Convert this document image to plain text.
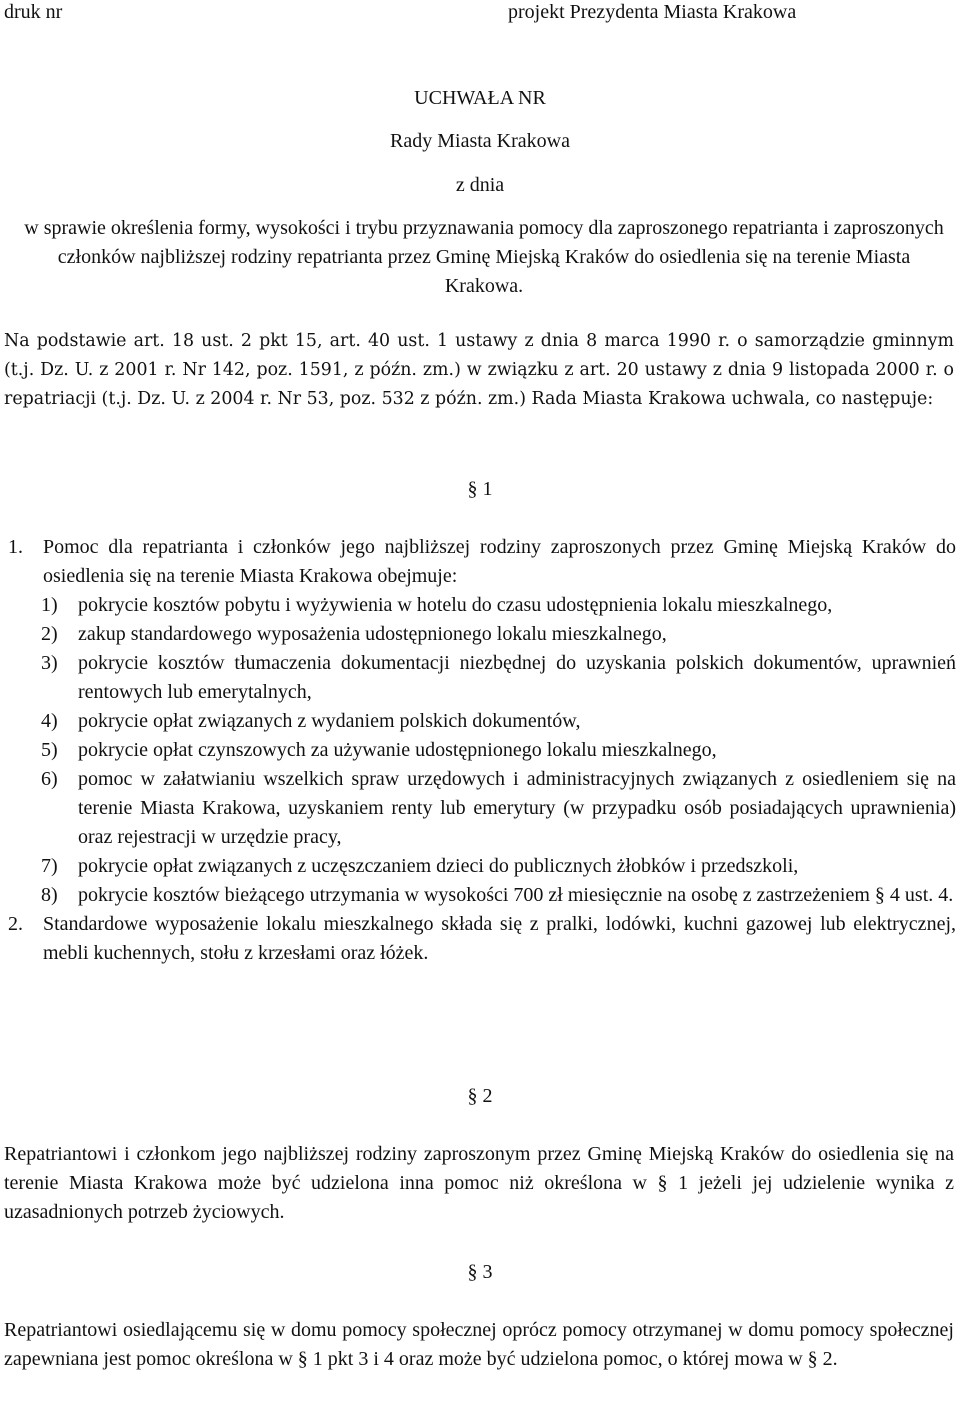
druk nr	projekt Prezydenta Miasta Krakowa
UCHWAŁA NR
Rady Miasta Krakowa
z dnia
w sprawie określenia formy, wysokości i trybu przyznawania pomocy dla zaproszonego repatrianta i zaproszonych członków najbliższej rodziny repatrianta przez Gminę Miejską Kraków do osiedlenia się na terenie Miasta Krakowa.
Na podstawie art. 18 ust. 2 pkt 15, art. 40 ust. 1 ustawy z dnia 8 marca 1990 r. o samorządzie gminnym (t.j. Dz. U. z 2001 r. Nr 142, poz. 1591, z późn. zm.) w związku z art. 20 ustawy z dnia 9 listopada 2000 r. o repatriacji (t.j. Dz. U. z 2004 r. Nr 53, poz. 532 z późn. zm.) Rada Miasta Krakowa uchwala, co następuje:
§ 1
1. Pomoc dla repatrianta i członków jego najbliższej rodziny zaproszonych przez Gminę Miejską Kraków do osiedlenia się na terenie Miasta Krakowa obejmuje:
1) pokrycie kosztów pobytu i wyżywienia w hotelu do czasu udostępnienia lokalu mieszkalnego,
2) zakup standardowego wyposażenia udostępnionego lokalu mieszkalnego,
3) pokrycie kosztów tłumaczenia dokumentacji niezbędnej do uzyskania polskich dokumentów, uprawnień rentowych lub emerytalnych,
4) pokrycie opłat związanych z wydaniem polskich dokumentów,
5) pokrycie opłat czynszowych za używanie udostępnionego lokalu mieszkalnego,
6) pomoc w załatwianiu wszelkich spraw urzędowych i administracyjnych związanych z osiedleniem się na terenie Miasta Krakowa, uzyskaniem renty lub emerytury (w przypadku osób posiadających uprawnienia) oraz rejestracji w urzędzie pracy,
7) pokrycie opłat związanych z uczęszczaniem dzieci do publicznych żłobków i przedszkoli,
8) pokrycie kosztów bieżącego utrzymania w wysokości 700 zł miesięcznie na osobę z zastrzeżeniem § 4 ust. 4.
2. Standardowe wyposażenie lokalu mieszkalnego składa się z pralki, lodówki, kuchni gazowej lub elektrycznej, mebli kuchennych, stołu z krzesłami oraz łóżek.
§ 2
Repatriantowi i członkom jego najbliższej rodziny zaproszonym przez Gminę Miejską Kraków do osiedlenia się na terenie Miasta Krakowa może być udzielona inna pomoc niż określona w § 1 jeżeli jej udzielenie wynika z uzasadnionych potrzeb życiowych.
§ 3
Repatriantowi osiedlającemu się w domu pomocy społecznej oprócz pomocy otrzymanej w domu pomocy społecznej zapewniana jest pomoc określona w § 1 pkt 3 i 4 oraz może być udzielona pomoc, o której mowa w § 2.
